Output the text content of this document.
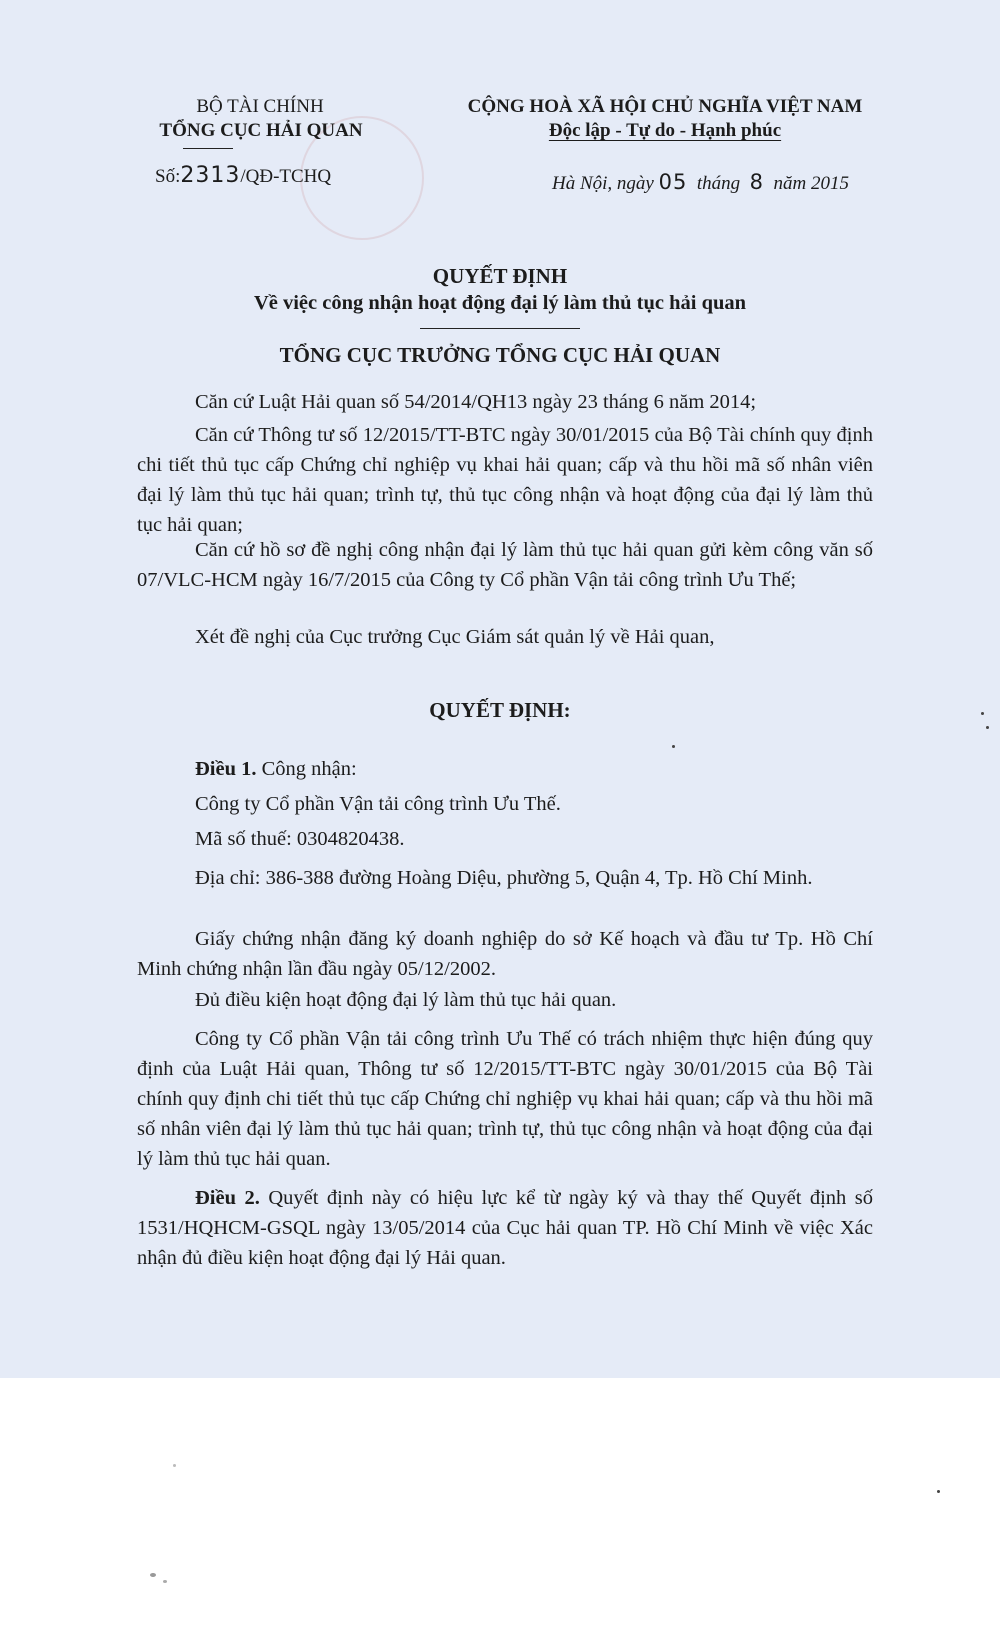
BỘ TÀI CHÍNH
TỔNG CỤC HẢI QUAN
Số:2313/QĐ-TCHQ
CỘNG HOÀ XÃ HỘI CHỦ NGHĨA VIỆT NAM
Độc lập - Tự do - Hạnh phúc
Hà Nội, ngày 05 tháng 8 năm 2015
QUYẾT ĐỊNH
Về việc công nhận hoạt động đại lý làm thủ tục hải quan
TỔNG CỤC TRƯỞNG TỔNG CỤC HẢI QUAN
Căn cứ Luật Hải quan số 54/2014/QH13 ngày 23 tháng 6 năm 2014;
Căn cứ Thông tư số 12/2015/TT-BTC ngày 30/01/2015 của Bộ Tài chính quy định chi tiết thủ tục cấp Chứng chỉ nghiệp vụ khai hải quan; cấp và thu hồi mã số nhân viên đại lý làm thủ tục hải quan; trình tự, thủ tục công nhận và hoạt động của đại lý làm thủ tục hải quan;
Căn cứ hồ sơ đề nghị công nhận đại lý làm thủ tục hải quan gửi kèm công văn số 07/VLC-HCM ngày 16/7/2015 của Công ty Cổ phần Vận tải công trình Ưu Thế;
Xét đề nghị của Cục trưởng Cục Giám sát quản lý về Hải quan,
QUYẾT ĐỊNH:
Điều 1. Công nhận:
Công ty Cổ phần Vận tải công trình Ưu Thế.
Mã số thuế: 0304820438.
Địa chỉ: 386-388 đường Hoàng Diệu, phường 5, Quận 4, Tp. Hồ Chí Minh.
Giấy chứng nhận đăng ký doanh nghiệp do sở Kế hoạch và đầu tư Tp. Hồ Chí Minh chứng nhận lần đầu ngày 05/12/2002.
Đủ điều kiện hoạt động đại lý làm thủ tục hải quan.
Công ty Cổ phần Vận tải công trình Ưu Thế có trách nhiệm thực hiện đúng quy định của Luật Hải quan, Thông tư số 12/2015/TT-BTC ngày 30/01/2015 của Bộ Tài chính quy định chi tiết thủ tục cấp Chứng chỉ nghiệp vụ khai hải quan; cấp và thu hồi mã số nhân viên đại lý làm thủ tục hải quan; trình tự, thủ tục công nhận và hoạt động của đại lý làm thủ tục hải quan.
Điều 2. Quyết định này có hiệu lực kể từ ngày ký và thay thế Quyết định số 1531/HQHCM-GSQL ngày 13/05/2014 của Cục hải quan TP. Hồ Chí Minh về việc Xác nhận đủ điều kiện hoạt động đại lý Hải quan.
